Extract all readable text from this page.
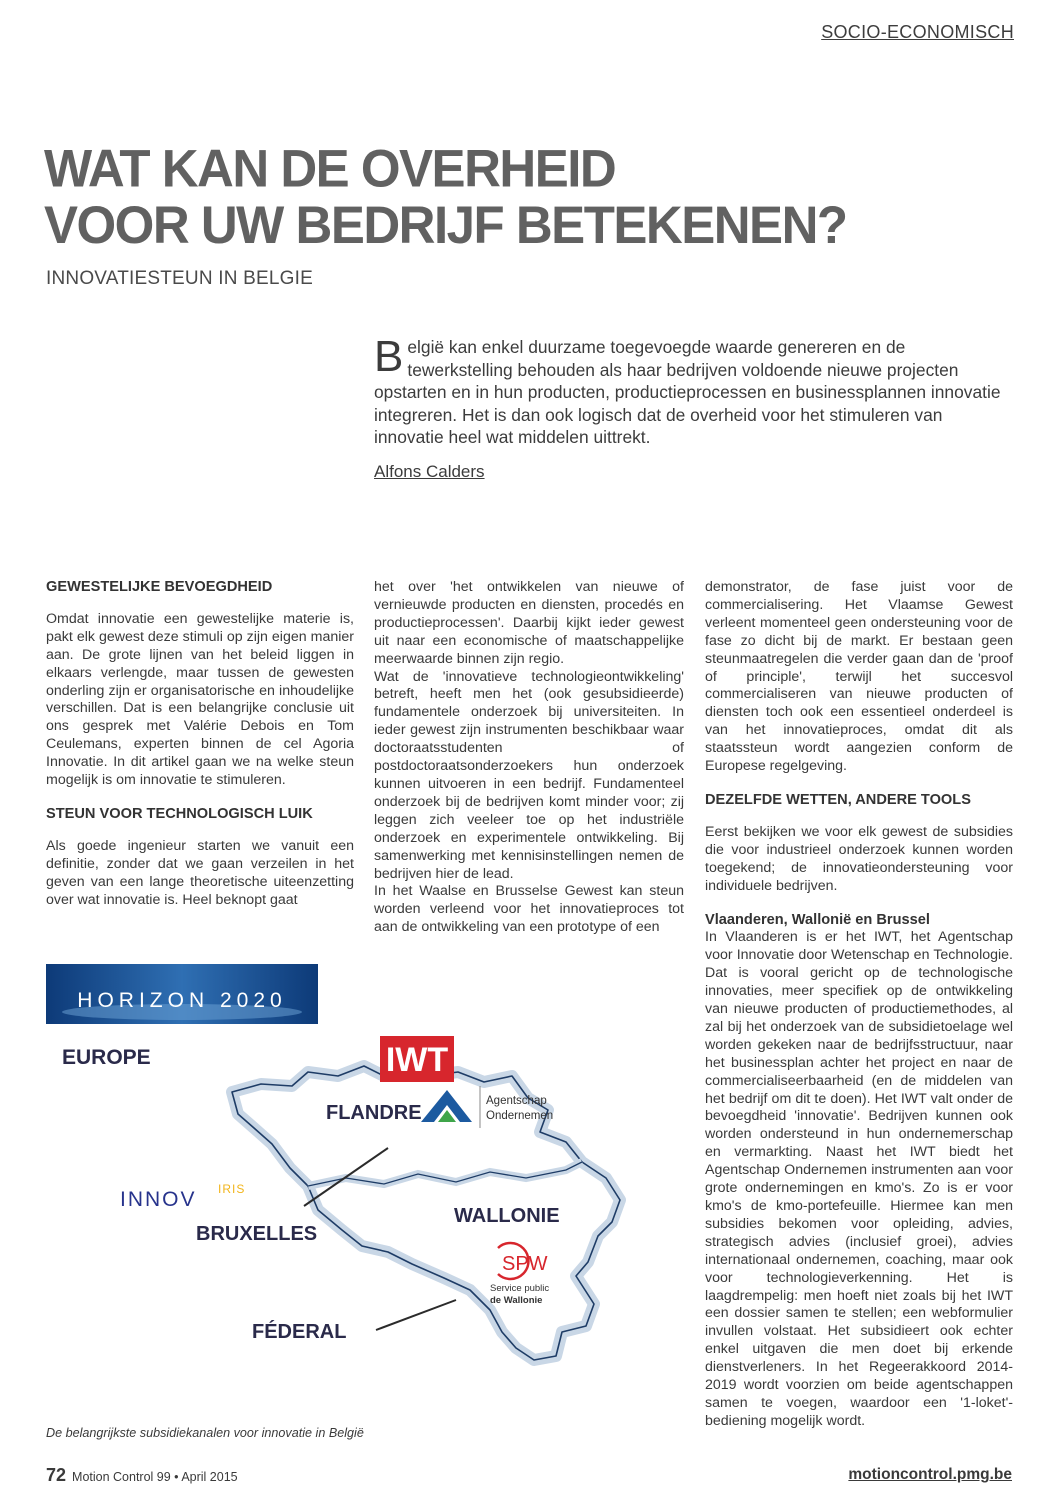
SOCIO-ECONOMISCH
WAT KAN DE OVERHEID
VOOR UW BEDRIJF BETEKENEN?
INNOVATIESTEUN IN BELGIE
België kan enkel duurzame toegevoegde waarde genereren en de tewerkstelling behouden als haar bedrijven voldoende nieuwe projecten opstarten en in hun producten, productieprocessen en businessplannen innovatie integreren. Het is dan ook logisch dat de overheid voor het stimuleren van innovatie heel wat middelen uittrekt.
Alfons Calders
GEWESTELIJKE BEVOEGDHEID

Omdat innovatie een gewestelijke materie is, pakt elk gewest deze stimuli op zijn eigen manier aan. De grote lijnen van het beleid liggen in elkaars verlengde, maar tussen de gewesten onderling zijn er organisatorische en inhoudelijke verschillen. Dat is een belangrijke conclusie uit ons gesprek met Valérie Debois en Tom Ceulemans, experten binnen de cel Agoria Innovatie. In dit artikel gaan we na welke steun mogelijk is om innovatie te stimuleren.

STEUN VOOR TECHNOLOGISCH LUIK

Als goede ingenieur starten we vanuit een definitie, zonder dat we gaan verzeilen in het geven van een lange theoretische uiteenzetting over wat innovatie is. Heel beknopt gaat

het over 'het ontwikkelen van nieuwe of vernieuwde producten en diensten, procedés en productieprocessen'. Daarbij kijkt ieder gewest uit naar een economische of maatschappelijke meerwaarde binnen zijn regio.

Wat de 'innovatieve technologieontwikkeling' betreft, heeft men het (ook gesubsidieerde) fundamentele onderzoek bij universiteiten. In ieder gewest zijn instrumenten beschikbaar waar doctoraatsstudenten of postdoctoraatsonderzoekers hun onderzoek kunnen uitvoeren in een bedrijf. Fundamenteel onderzoek bij de bedrijven komt minder voor; zij leggen zich veeleer toe op het industriële onderzoek en experimentele ontwikkeling. Bij samenwerking met kennisinstellingen nemen de bedrijven hier de lead.

In het Waalse en Brusselse Gewest kan steun worden verleend voor het innovatieproces tot aan de ontwikkeling van een prototype of een

demonstrator, de fase juist voor de commercialisering. Het Vlaamse Gewest verleent momenteel geen ondersteuning voor de fase zo dicht bij de markt. Er bestaan geen steunmaatregelen die verder gaan dan de 'proof of principle', terwijl het succesvol commercialiseren van nieuwe producten of diensten toch ook een essentieel onderdeel is van het innovatieproces, omdat dit als staatssteun wordt aangezien conform de Europese regelgeving.

DEZELFDE WETTEN, ANDERE TOOLS

Eerst bekijken we voor elk gewest de subsidies die voor industrieel onderzoek kunnen worden toegekend; de innovatieondersteuning voor individuele bedrijven.

Vlaanderen, Wallonië en Brussel

In Vlaanderen is er het IWT, het Agentschap voor Innovatie door Wetenschap en Technologie. Dat is vooral gericht op de technologische innovaties, meer specifiek op de ontwikkeling van nieuwe producten of productiemethodes, al zal bij het onderzoek van de subsidietoelage wel worden gekeken naar de bedrijfsstructuur, naar het businessplan achter het project en naar de commercialiseerbaarheid (en de middelen van het bedrijf om dit te doen). Het IWT valt onder de bevoegdheid 'innovatie'. Bedrijven kunnen ook worden ondersteund in hun ondernemerschap en vermarkting. Naast het IWT biedt het Agentschap Ondernemen instrumenten aan voor grote ondernemingen en kmo's. Zo is er voor kmo's de kmo-portefeuille. Hiermee kan men subsidies bekomen voor opleiding, advies, strategisch advies (inclusief groei), advies internationaal ondernemen, coaching, maar ook voor technologieverkenning. Het is laagdrempelig: men hoeft niet zoals bij het IWT een dossier samen te stellen; een webformulier invullen volstaat. Het subsidieert ook echter enkel uitgaven die men doet bij erkende dienstverleners. In het Regeerakkoord 2014-2019 wordt voorzien om beide agentschappen samen te voegen, waardoor een '1-loket'-bediening mogelijk wordt.

HORIZON 2020
EUROPE	IWT
FLANDRE
Agentschap
Ondernemen
INNOV IRIS
BRUXELLES
WALLONIE
SPW
Service public
de Wallonie
FÉDERAL
De belangrijkste subsidiekanalen voor innovatie in België
72 Motion Control 99 • April 2015	motioncontrol.pmg.be
